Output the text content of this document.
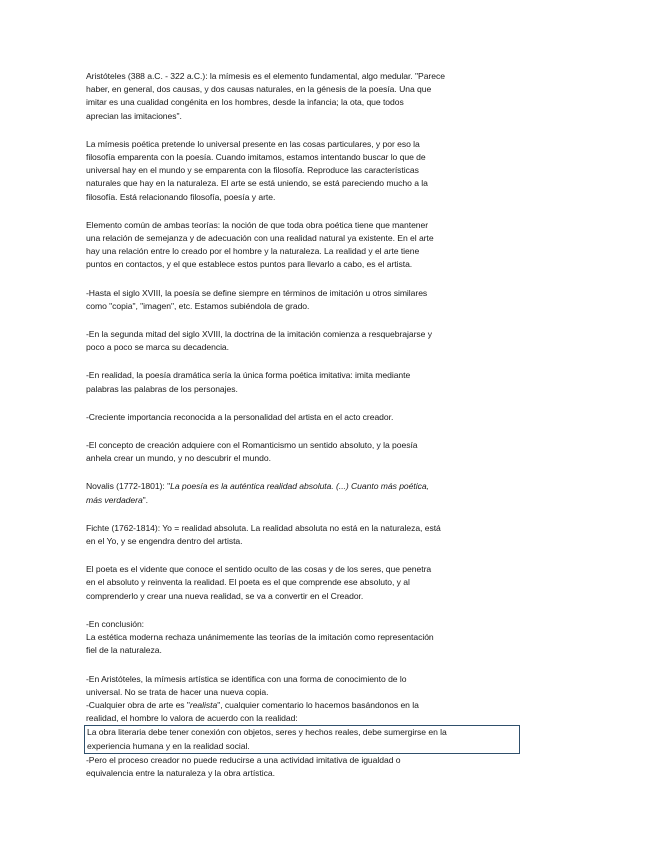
Aristóteles (388 a.C. - 322 a.C.): la mímesis es el elemento fundamental, algo medular. "Parece
haber, en general, dos causas, y dos causas naturales, en la génesis de la poesía. Una que
imitar es una cualidad congénita en los hombres, desde la infancia; la ota, que todos
aprecian las imitaciones".
La mímesis poética pretende lo universal presente en las cosas particulares, y por eso la
filosofía emparenta con la poesía. Cuando imitamos, estamos intentando buscar lo que de
universal hay en el mundo y se emparenta con la filosofía. Reproduce las características
naturales que hay en la naturaleza. El arte se está uniendo, se está pareciendo mucho a la
filosofía. Está relacionando filosofía, poesía y arte.
Elemento común de ambas teorías: la noción de que toda obra poética tiene que mantener
una relación de semejanza y de adecuación con una realidad natural ya existente. En el arte
hay una relación entre lo creado por el hombre y la naturaleza. La realidad y el arte tiene
puntos en contactos, y el que establece estos puntos para llevarlo a cabo, es el artista.
-Hasta el siglo XVIII, la poesía se define siempre en términos de imitación u otros similares
como "copia", "imagen", etc. Estamos subiéndola de grado.
-En la segunda mitad del siglo XVIII, la doctrina de la imitación comienza a resquebrajarse y
poco a poco se marca su decadencia.
-En realidad, la poesía dramática sería la única forma poética imitativa: imita mediante
palabras las palabras de los personajes.
-Creciente importancia reconocida a la personalidad del artista en el acto creador.
-El concepto de creación adquiere con el Romanticismo un sentido absoluto, y la poesía
anhela crear un mundo, y no descubrir el mundo.
Novalis (1772-1801): "La poesía es la auténtica realidad absoluta. (...) Cuanto más poética,
más verdadera".
Fichte (1762-1814): Yo = realidad absoluta. La realidad absoluta no está en la naturaleza, está
en el Yo, y se engendra dentro del artista.
El poeta es el vidente que conoce el sentido oculto de las cosas y de los seres, que penetra
en el absoluto y reinventa la realidad. El poeta es el que comprende ese absoluto, y al
comprenderlo y crear una nueva realidad, se va a convertir en el Creador.
-En conclusión:
La estética moderna rechaza unánimemente las teorías de la imitación como representación
fiel de la naturaleza.
-En Aristóteles, la mímesis artística se identifica con una forma de conocimiento de lo
universal. No se trata de hacer una nueva copia.
-Cualquier obra de arte es "realista", cualquier comentario lo hacemos basándonos en la
realidad, el hombre lo valora de acuerdo con la realidad:
La obra literaria debe tener conexión con objetos, seres y hechos reales, debe sumergirse en la
experiencia humana y en la realidad social.
-Pero el proceso creador no puede reducirse a una actividad imitativa de igualdad o
equivalencia entre la naturaleza y la obra artística.
